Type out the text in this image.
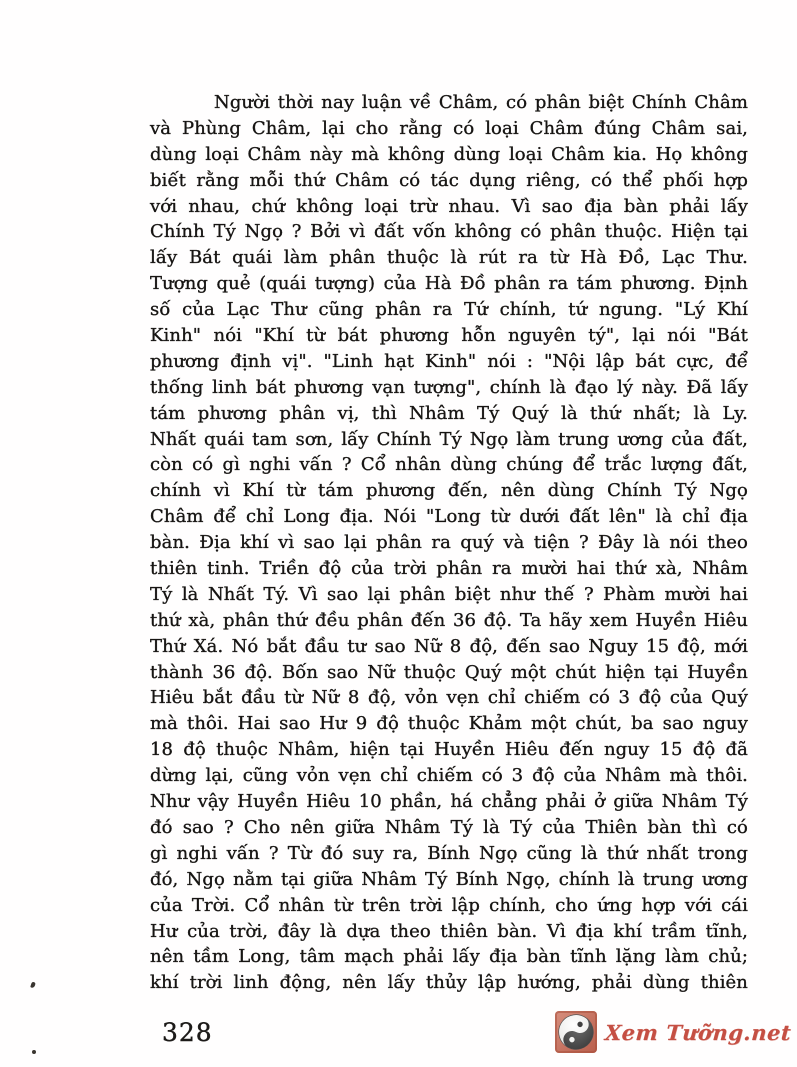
Người thời nay luận về Châm, có phân biệt Chính Châm
và Phùng Châm, lại cho rằng có loại Châm đúng Châm sai,
dùng loại Châm này mà không dùng loại Châm kia. Họ không
biết rằng mỗi thứ Châm có tác dụng riêng, có thể phối hợp
với nhau, chứ không loại trừ nhau. Vì sao địa bàn phải lấy
Chính Tý Ngọ ? Bởi vì đất vốn không có phân thuộc. Hiện tại
lấy Bát quái làm phân thuộc là rút ra từ Hà Đồ, Lạc Thư.
Tượng quẻ (quái tượng) của Hà Đồ phân ra tám phương. Định
số của Lạc Thư cũng phân ra Tứ chính, tứ ngung. "Lý Khí
Kinh" nói "Khí từ bát phương hỗn nguyên tý", lại nói "Bát
phương định vị". "Linh hạt Kinh" nói : "Nội lập bát cực, để
thống linh bát phương vạn tượng", chính là đạo lý này. Đã lấy
tám phương phân vị, thì Nhâm Tý Quý là thứ nhất; là Ly.
Nhất quái tam sơn, lấy Chính Tý Ngọ làm trung ương của đất,
còn có gì nghi vấn ? Cổ nhân dùng chúng để trắc lượng đất,
chính vì Khí từ tám phương đến, nên dùng Chính Tý Ngọ
Châm để chỉ Long địa. Nói "Long từ dưới đất lên" là chỉ địa
bàn. Địa khí vì sao lại phân ra quý và tiện ? Đây là nói theo
thiên tinh. Triền độ của trời phân ra mười hai thứ xà, Nhâm
Tý là Nhất Tý. Vì sao lại phân biệt như thế ? Phàm mười hai
thứ xà, phân thứ đều phân đến 36 độ. Ta hãy xem Huyền Hiêu
Thứ Xá. Nó bắt đầu tư sao Nữ 8 độ, đến sao Nguy 15 độ, mới
thành 36 độ. Bốn sao Nữ thuộc Quý một chút hiện tại Huyền
Hiêu bắt đầu từ Nữ 8 độ, vỏn vẹn chỉ chiếm có 3 độ của Quý
mà thôi. Hai sao Hư 9 độ thuộc Khảm một chút, ba sao nguy
18 độ thuộc Nhâm, hiện tại Huyền Hiêu đến nguy 15 độ đã
dừng lại, cũng vỏn vẹn chỉ chiếm có 3 độ của Nhâm mà thôi.
Như vậy Huyền Hiêu 10 phần, há chẳng phải ở giữa Nhâm Tý
đó sao ? Cho nên giữa Nhâm Tý là Tý của Thiên bàn thì có
gì nghi vấn ? Từ đó suy ra, Bính Ngọ cũng là thứ nhất trong
đó, Ngọ nằm tại giữa Nhâm Tý Bính Ngọ, chính là trung ương
của Trời. Cổ nhân từ trên trời lập chính, cho ứng hợp với cái
Hư của trời, đây là dựa theo thiên bàn. Vì địa khí trầm tĩnh,
nên tầm Long, tâm mạch phải lấy địa bàn tĩnh lặng làm chủ;
khí trời linh động, nên lấy thủy lập hướng, phải dùng thiên
328	Xem Tưỡng.net
